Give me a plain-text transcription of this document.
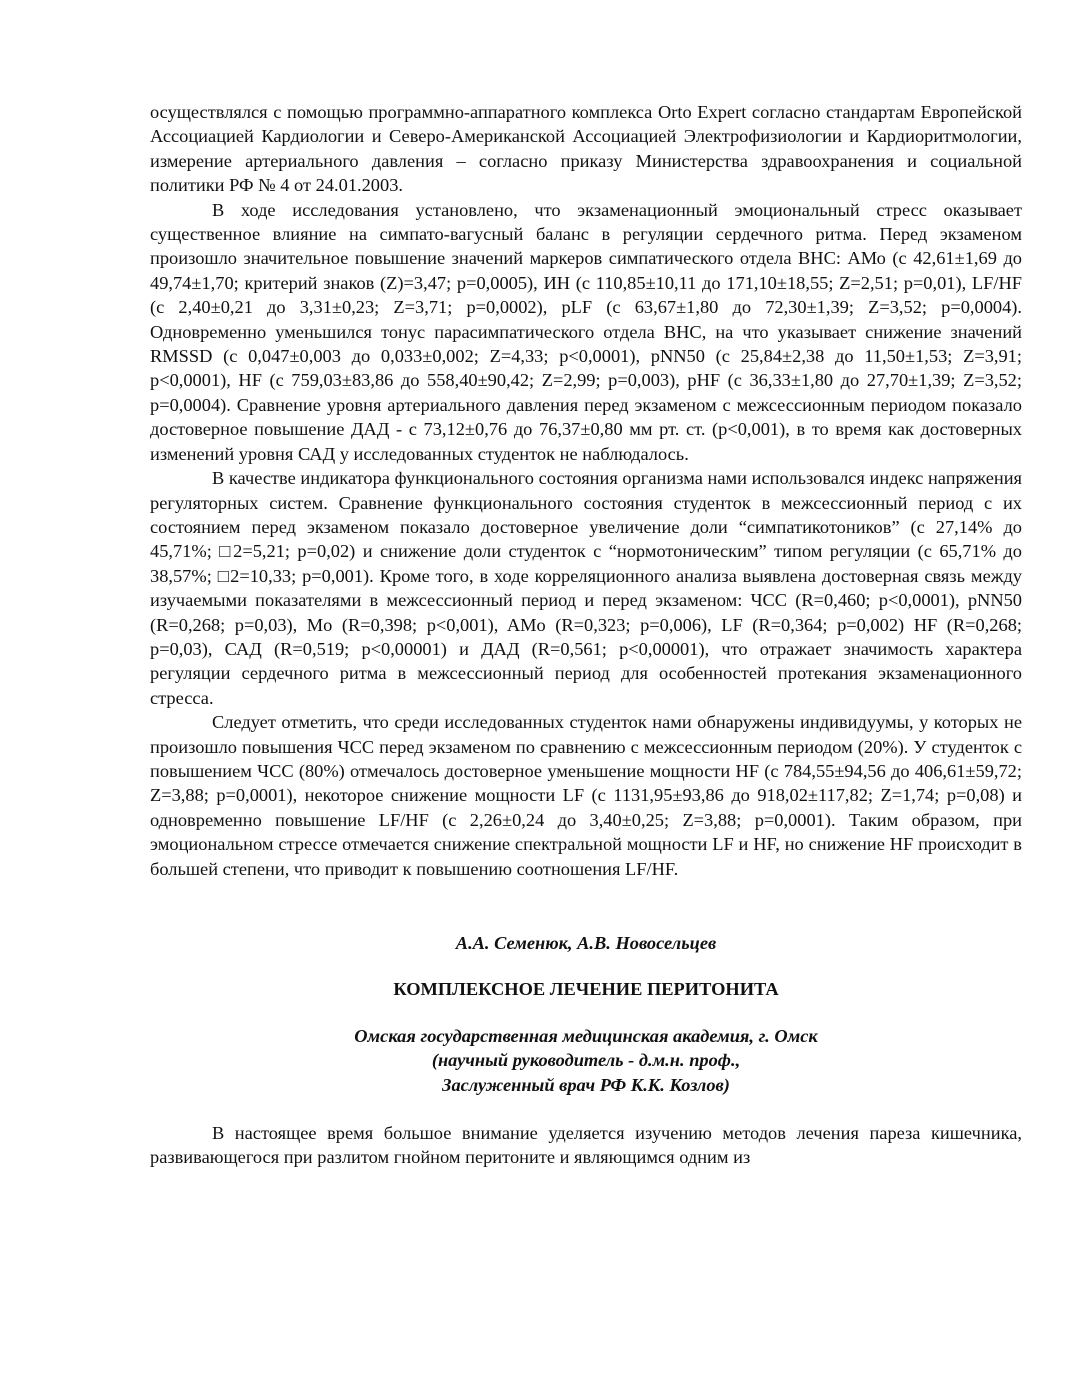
осуществлялся с помощью программно-аппаратного комплекса Orto Expert согласно стандартам Европейской Ассоциацией Кардиологии и Северо-Американской Ассоциацией Электрофизиологии и Кардиоритмологии, измерение артериального давления – согласно приказу Министерства здравоохранения и социальной политики РФ № 4 от 24.01.2003.

В ходе исследования установлено, что экзаменационный эмоциональный стресс оказывает существенное влияние на симпато-вагусный баланс в регуляции сердечного ритма. Перед экзаменом произошло значительное повышение значений маркеров симпатического отдела ВНС: АМо (с 42,61±1,69 до 49,74±1,70; критерий знаков (Z)=3,47; p=0,0005), ИН (с 110,85±10,11 до 171,10±18,55; Z=2,51; p=0,01), LF/HF (с 2,40±0,21 до 3,31±0,23; Z=3,71; p=0,0002), pLF (с 63,67±1,80 до 72,30±1,39; Z=3,52; p=0,0004). Одновременно уменьшился тонус парасимпатического отдела ВНС, на что указывает снижение значений RMSSD (с 0,047±0,003 до 0,033±0,002; Z=4,33; p<0,0001), pNN50 (с 25,84±2,38 до 11,50±1,53; Z=3,91; p<0,0001), HF (с 759,03±83,86 до 558,40±90,42; Z=2,99; p=0,003), pHF (с 36,33±1,80 до 27,70±1,39; Z=3,52; p=0,0004). Сравнение уровня артериального давления перед экзаменом с межсессионным периодом показало достоверное повышение ДАД - с 73,12±0,76 до 76,37±0,80 мм рт. ст. (p<0,001), в то время как достоверных изменений уровня САД у исследованных студенток не наблюдалось.

В качестве индикатора функционального состояния организма нами использовался индекс напряжения регуляторных систем. Сравнение функционального состояния студенток в межсессионный период с их состоянием перед экзаменом показало достоверное увеличение доли “симпатикотоников” (с 27,14% до 45,71%; □2=5,21; p=0,02) и снижение доли студенток с “нормотоническим” типом регуляции (с 65,71% до 38,57%; □2=10,33; p=0,001). Кроме того, в ходе корреляционного анализа выявлена достоверная связь между изучаемыми показателями в межсессионный период и перед экзаменом: ЧСС (R=0,460; p<0,0001), pNN50 (R=0,268; p=0,03), Mo (R=0,398; p<0,001), AMo (R=0,323; p=0,006), LF (R=0,364; p=0,002) HF (R=0,268; p=0,03), САД (R=0,519; p<0,00001) и ДАД (R=0,561; p<0,00001), что отражает значимость характера регуляции сердечного ритма в межсессионный период для особенностей протекания экзаменационного стресса.

Следует отметить, что среди исследованных студенток нами обнаружены индивидуумы, у которых не произошло повышения ЧСС перед экзаменом по сравнению с межсессионным периодом (20%). У студенток с повышением ЧСС (80%) отмечалось достоверное уменьшение мощности HF (с 784,55±94,56 до 406,61±59,72; Z=3,88; p=0,0001), некоторое снижение мощности LF (с 1131,95±93,86 до 918,02±117,82; Z=1,74; p=0,08) и одновременно повышение LF/HF (с 2,26±0,24 до 3,40±0,25; Z=3,88; p=0,0001). Таким образом, при эмоциональном стрессе отмечается снижение спектральной мощности LF и HF, но снижение HF происходит в большей степени, что приводит к повышению соотношения LF/HF.

А.А. Семенюк, А.В. Новосельцев

КОМПЛЕКСНОЕ ЛЕЧЕНИЕ ПЕРИТОНИТА

Омская государственная медицинская академия, г. Омск
(научный руководитель - д.м.н. проф.,
Заслуженный врач РФ К.К. Козлов)

В настоящее время большое внимание уделяется изучению методов лечения пареза кишечника, развивающегося при разлитом гнойном перитоните и являющимся одним из
